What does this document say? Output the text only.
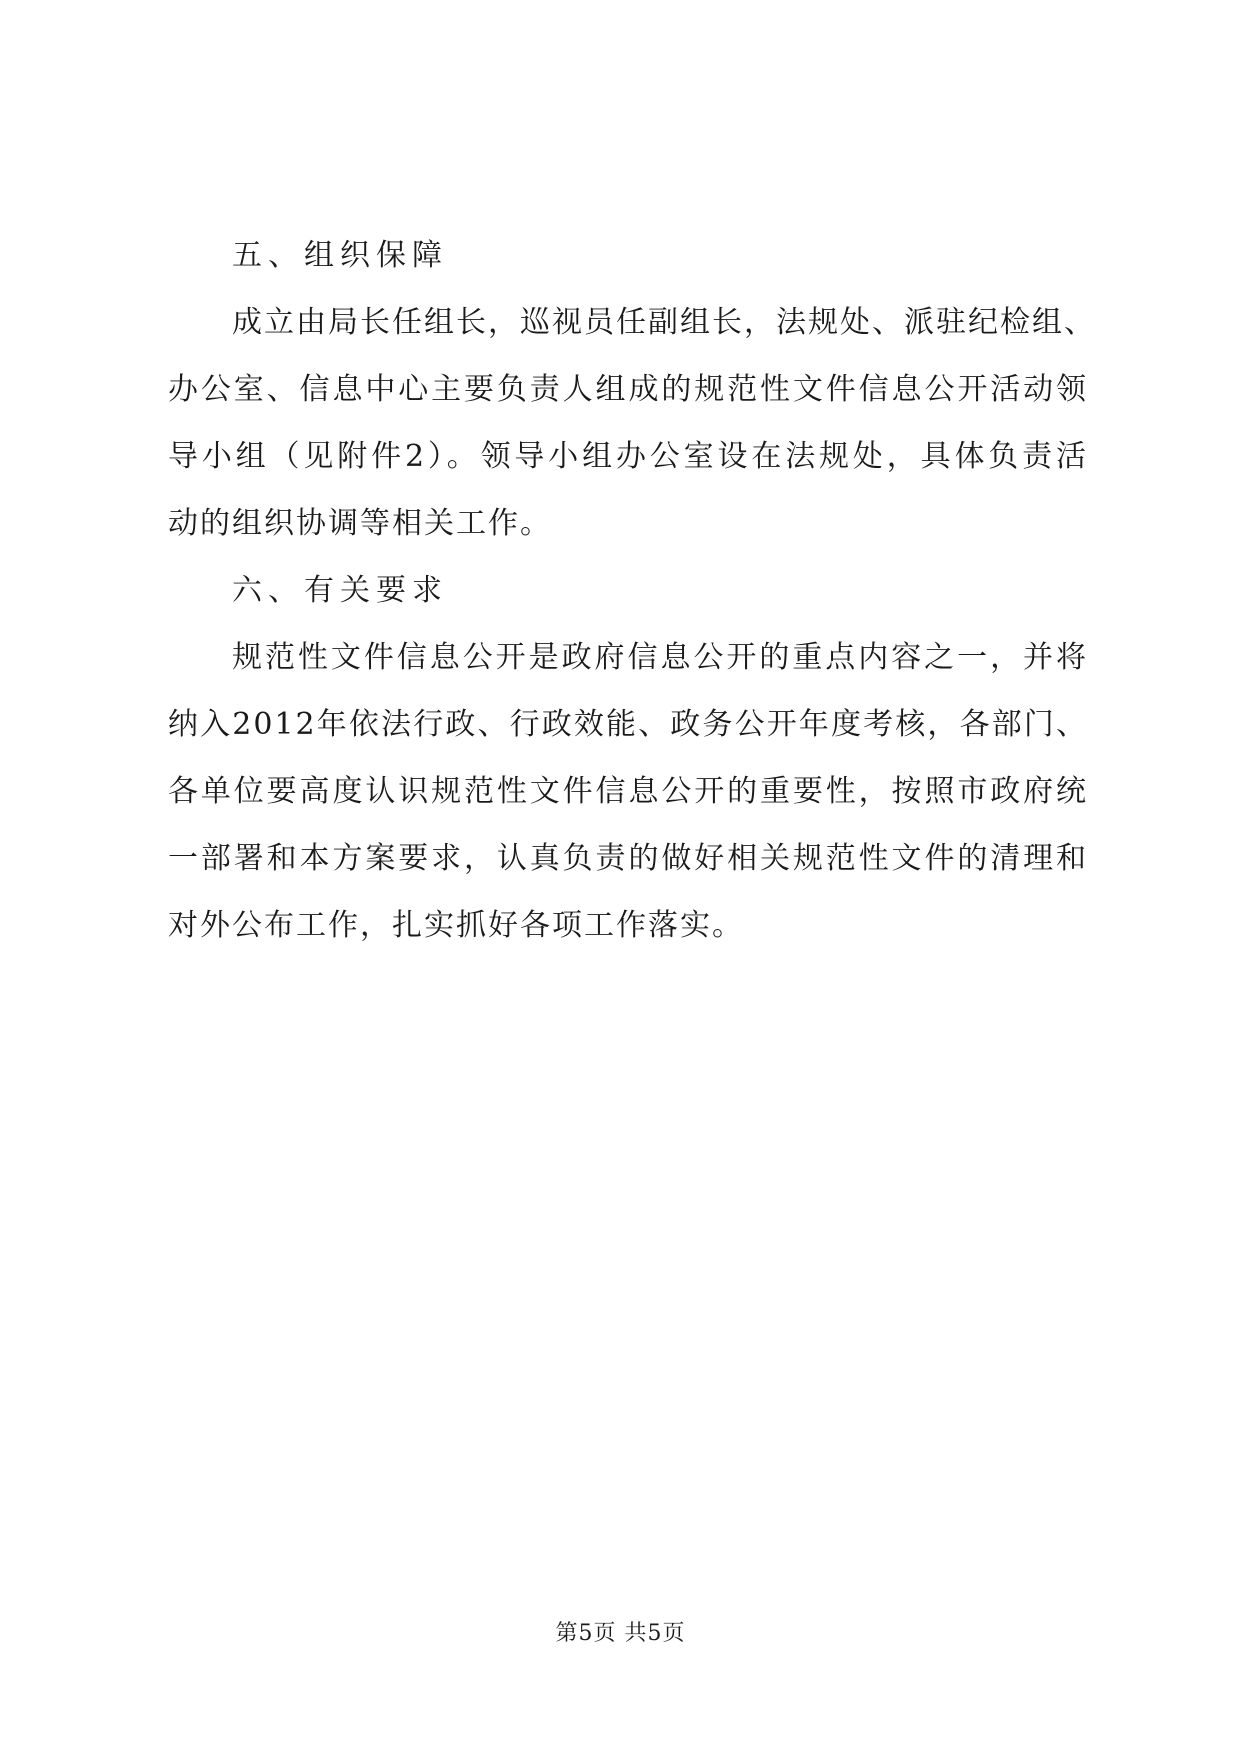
五、组织保障
成立由局长任组长，巡视员任副组长，法规处、派驻纪检组、
办公室、信息中心主要负责人组成的规范性文件信息公开活动领
导小组（见附件2）。领导小组办公室设在法规处，具体负责活
动的组织协调等相关工作。
六、有关要求
规范性文件信息公开是政府信息公开的重点内容之一，并将
纳入2012年依法行政、行政效能、政务公开年度考核，各部门、
各单位要高度认识规范性文件信息公开的重要性，按照市政府统
一部署和本方案要求，认真负责的做好相关规范性文件的清理和
对外公布工作，扎实抓好各项工作落实。
第5页 共5页
